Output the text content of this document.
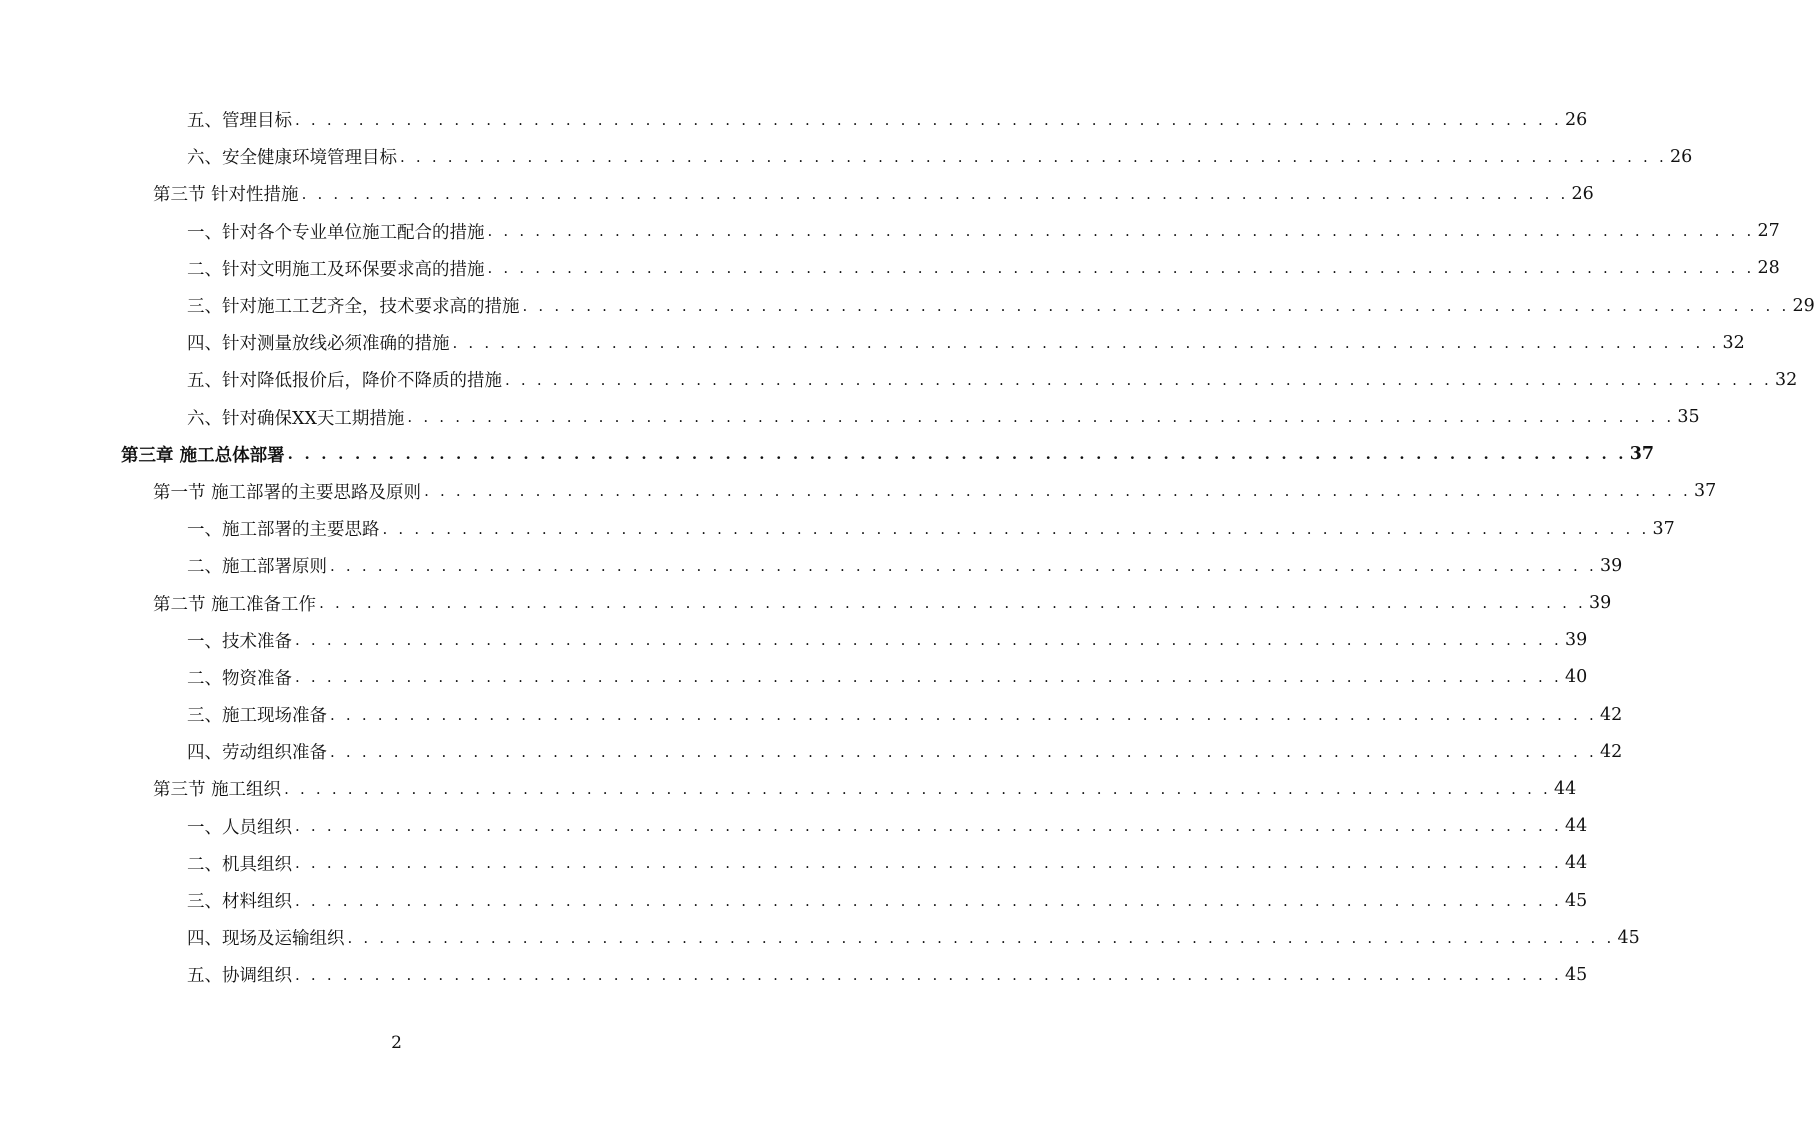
五、管理目标 . . . . . . . . . . . . . . . . . . . . . . . . . . . . . . . . . . . . . . . . . . . . . . . . . . . . . . . . . . . . . . . . . . . . . . . . . . . . . . . . 26
六、安全健康环境管理目标 . . . . . . . . . . . . . . . . . . . . . . . . . . . . . . . . . . . . . . . . . . . . . . . . . . . . . . . . . . . . . . . . . . . . . . . . . . . . . . . . 26
第三节 针对性措施 . . . . . . . . . . . . . . . . . . . . . . . . . . . . . . . . . . . . . . . . . . . . . . . . . . . . . . . . . . . . . . . . . . . . . . . . . . . . . . . . 26
一、针对各个专业单位施工配合的措施 . . . . . . . . . . . . . . . . . . . . . . . . . . . . . . . . . . . . . . . . . . . . . . . . . . . . . . . . . . . . . . . . . . . . . . . . . . . . . . . . 27
二、针对文明施工及环保要求高的措施 . . . . . . . . . . . . . . . . . . . . . . . . . . . . . . . . . . . . . . . . . . . . . . . . . . . . . . . . . . . . . . . . . . . . . . . . . . . . . . . . 28
三、针对施工工艺齐全，技术要求高的措施 . . . . . . . . . . . . . . . . . . . . . . . . . . . . . . . . . . . . . . . . . . . . . . . . . . . . . . . . . . . . . . . . . . . . . . . . . . . . . . . . 29
四、针对测量放线必须准确的措施 . . . . . . . . . . . . . . . . . . . . . . . . . . . . . . . . . . . . . . . . . . . . . . . . . . . . . . . . . . . . . . . . . . . . . . . . . . . . . . . . 32
五、针对降低报价后，降价不降质的措施 . . . . . . . . . . . . . . . . . . . . . . . . . . . . . . . . . . . . . . . . . . . . . . . . . . . . . . . . . . . . . . . . . . . . . . . . . . . . . . . . 32
六、针对确保XX天工期措施 . . . . . . . . . . . . . . . . . . . . . . . . . . . . . . . . . . . . . . . . . . . . . . . . . . . . . . . . . . . . . . . . . . . . . . . . . . . . . . . . 35
第三章 施工总体部署 . . . . . . . . . . . . . . . . . . . . . . . . . . . . . . . . . . . . . . . . . . . . . . . . . . . . . . . . . . . . . . . . . . . . . . . . . . . . . . . . 37
第一节 施工部署的主要思路及原则 . . . . . . . . . . . . . . . . . . . . . . . . . . . . . . . . . . . . . . . . . . . . . . . . . . . . . . . . . . . . . . . . . . . . . . . . . . . . . . . . 37
一、施工部署的主要思路 . . . . . . . . . . . . . . . . . . . . . . . . . . . . . . . . . . . . . . . . . . . . . . . . . . . . . . . . . . . . . . . . . . . . . . . . . . . . . . . . 37
二、施工部署原则 . . . . . . . . . . . . . . . . . . . . . . . . . . . . . . . . . . . . . . . . . . . . . . . . . . . . . . . . . . . . . . . . . . . . . . . . . . . . . . . . 39
第二节 施工准备工作 . . . . . . . . . . . . . . . . . . . . . . . . . . . . . . . . . . . . . . . . . . . . . . . . . . . . . . . . . . . . . . . . . . . . . . . . . . . . . . . . 39
一、技术准备 . . . . . . . . . . . . . . . . . . . . . . . . . . . . . . . . . . . . . . . . . . . . . . . . . . . . . . . . . . . . . . . . . . . . . . . . . . . . . . . . 39
二、物资准备 . . . . . . . . . . . . . . . . . . . . . . . . . . . . . . . . . . . . . . . . . . . . . . . . . . . . . . . . . . . . . . . . . . . . . . . . . . . . . . . . 40
三、施工现场准备 . . . . . . . . . . . . . . . . . . . . . . . . . . . . . . . . . . . . . . . . . . . . . . . . . . . . . . . . . . . . . . . . . . . . . . . . . . . . . . . . 42
四、劳动组织准备 . . . . . . . . . . . . . . . . . . . . . . . . . . . . . . . . . . . . . . . . . . . . . . . . . . . . . . . . . . . . . . . . . . . . . . . . . . . . . . . . 42
第三节 施工组织 . . . . . . . . . . . . . . . . . . . . . . . . . . . . . . . . . . . . . . . . . . . . . . . . . . . . . . . . . . . . . . . . . . . . . . . . . . . . . . . . 44
一、人员组织 . . . . . . . . . . . . . . . . . . . . . . . . . . . . . . . . . . . . . . . . . . . . . . . . . . . . . . . . . . . . . . . . . . . . . . . . . . . . . . . . 44
二、机具组织 . . . . . . . . . . . . . . . . . . . . . . . . . . . . . . . . . . . . . . . . . . . . . . . . . . . . . . . . . . . . . . . . . . . . . . . . . . . . . . . . 44
三、材料组织 . . . . . . . . . . . . . . . . . . . . . . . . . . . . . . . . . . . . . . . . . . . . . . . . . . . . . . . . . . . . . . . . . . . . . . . . . . . . . . . . 45
四、现场及运输组织 . . . . . . . . . . . . . . . . . . . . . . . . . . . . . . . . . . . . . . . . . . . . . . . . . . . . . . . . . . . . . . . . . . . . . . . . . . . . . . . . 45
五、协调组织 . . . . . . . . . . . . . . . . . . . . . . . . . . . . . . . . . . . . . . . . . . . . . . . . . . . . . . . . . . . . . . . . . . . . . . . . . . . . . . . . 45
2
